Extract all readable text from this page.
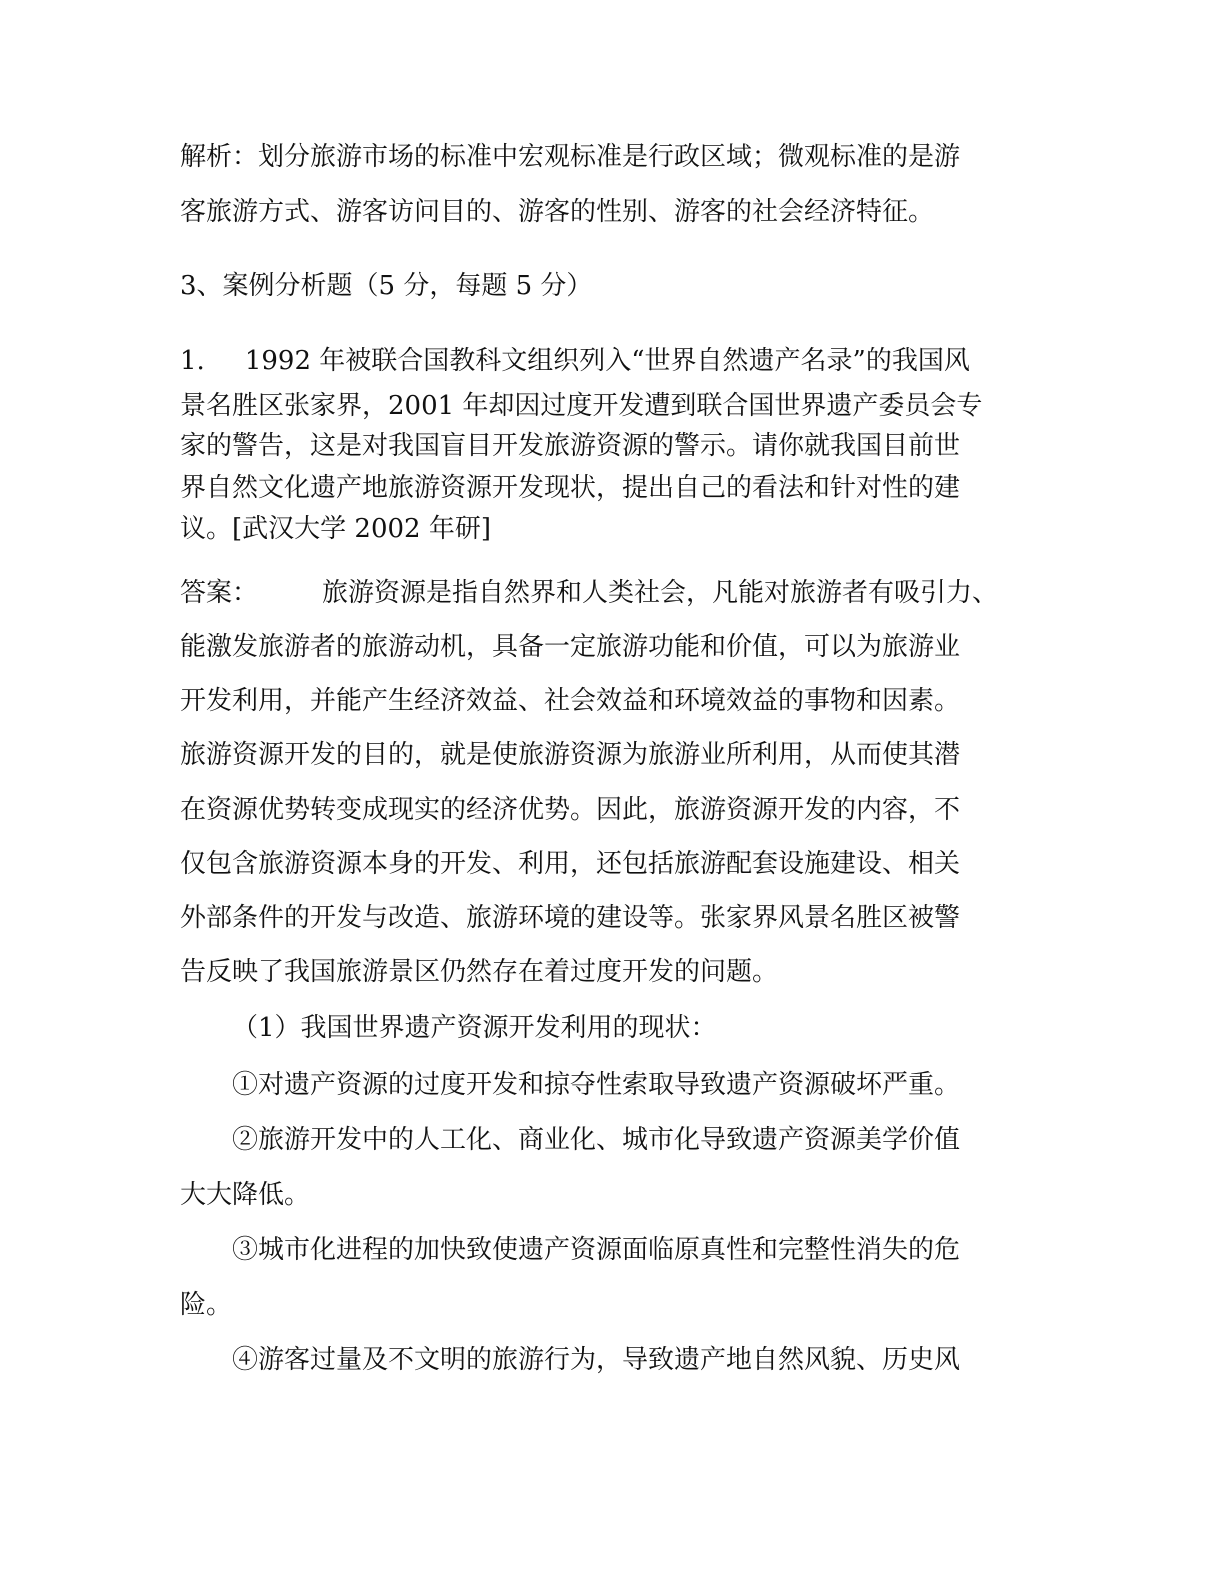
解析：划分旅游市场的标准中宏观标准是行政区域；微观标准的是游
客旅游方式、游客访问目的、游客的性别、游客的社会经济特征。
3、案例分析题（5 分，每题 5 分）
1. 1992 年被联合国教科文组织列入“世界自然遗产名录”的我国风
景名胜区张家界，2001 年却因过度开发遭到联合国世界遗产委员会专
家的警告，这是对我国盲目开发旅游资源的警示。请你就我国目前世
界自然文化遗产地旅游资源开发现状，提出自己的看法和针对性的建
议。[武汉大学 2002 年研]
答案： 旅游资源是指自然界和人类社会，凡能对旅游者有吸引力、
能激发旅游者的旅游动机，具备一定旅游功能和价值，可以为旅游业
开发利用，并能产生经济效益、社会效益和环境效益的事物和因素。
旅游资源开发的目的，就是使旅游资源为旅游业所利用，从而使其潜
在资源优势转变成现实的经济优势。因此，旅游资源开发的内容，不
仅包含旅游资源本身的开发、利用，还包括旅游配套设施建设、相关
外部条件的开发与改造、旅游环境的建设等。张家界风景名胜区被警
告反映了我国旅游景区仍然存在着过度开发的问题。
（1）我国世界遗产资源开发利用的现状：
①对遗产资源的过度开发和掠夺性索取导致遗产资源破坏严重。
②旅游开发中的人工化、商业化、城市化导致遗产资源美学价值
大大降低。
③城市化进程的加快致使遗产资源面临原真性和完整性消失的危
险。
④游客过量及不文明的旅游行为，导致遗产地自然风貌、历史风
